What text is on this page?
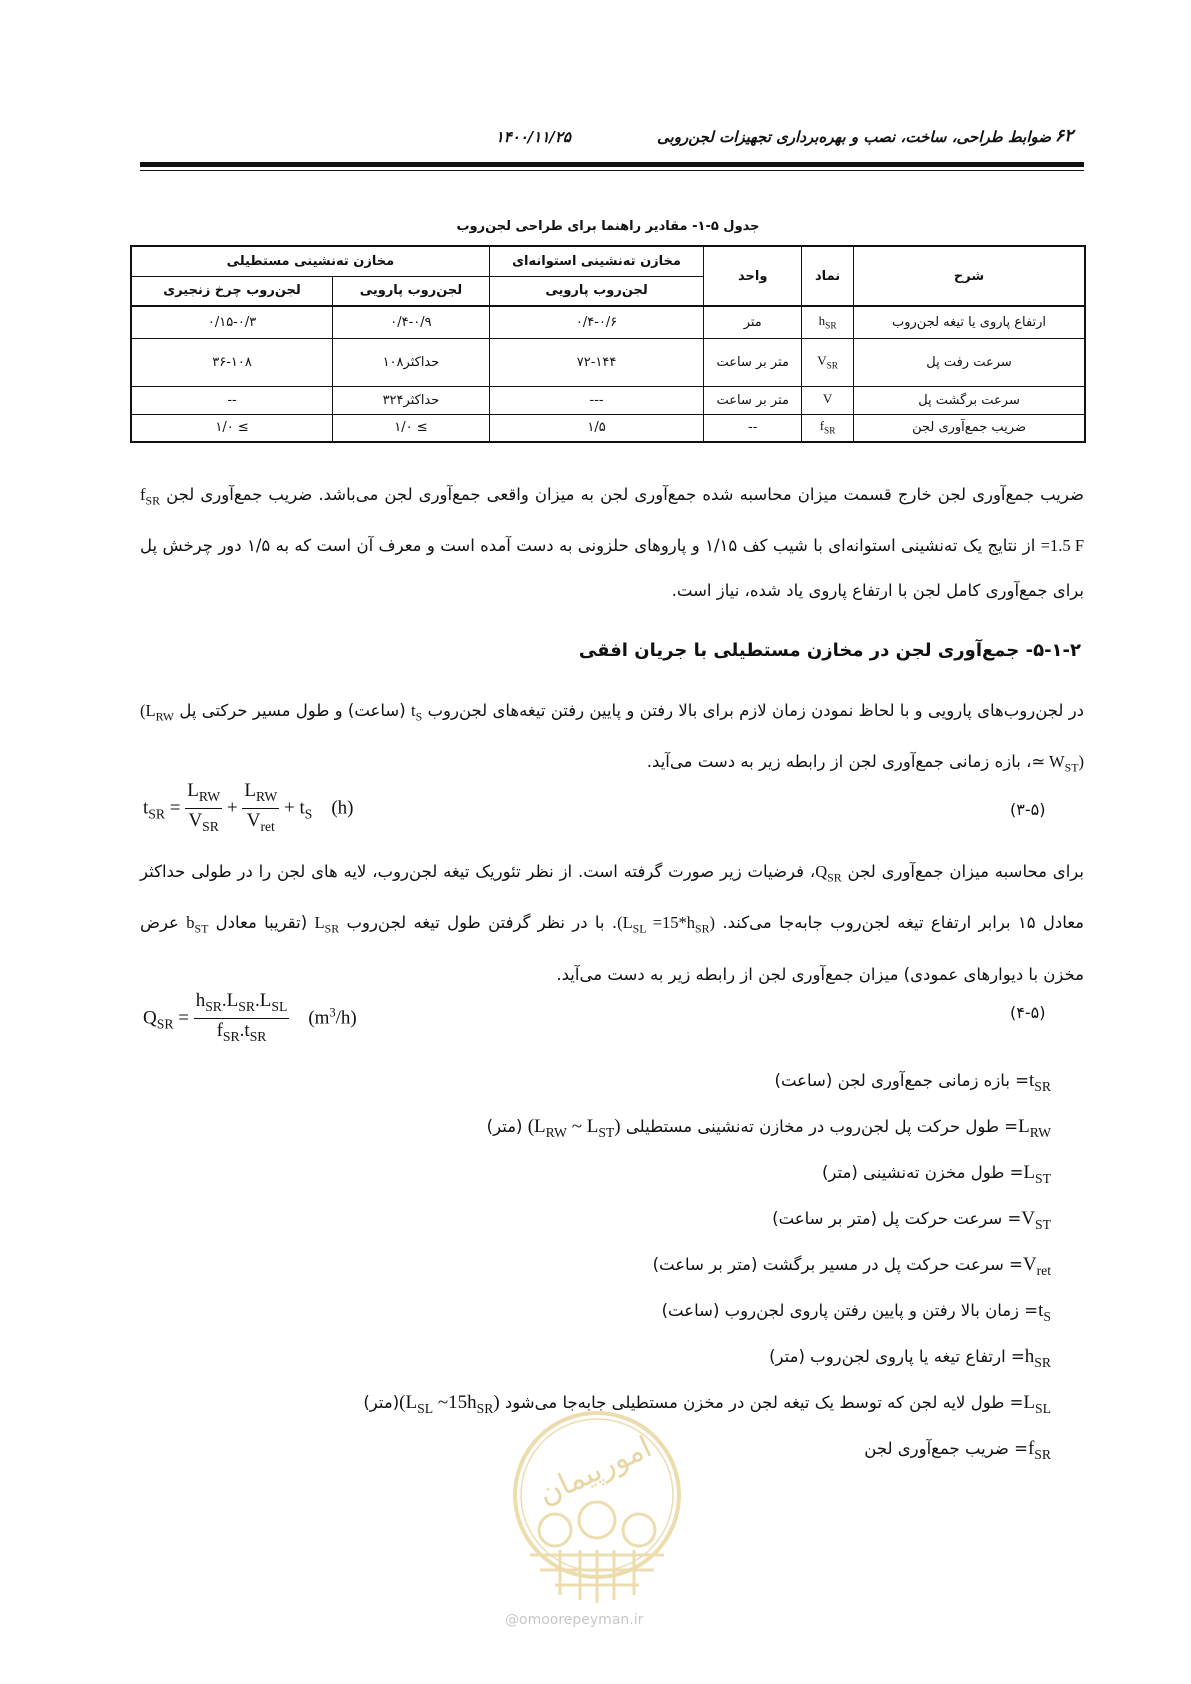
ضوابط طراحی، ساخت، نصب و بهره‌برداری تجهیزات لجن‌روبی
۱۴۰۰/۱۱/۲۵	۶۲
جدول ۵-۱- مقادیر راهنما برای طراحی لجن‌روب
شرح	نماد	واحد	مخازن ته‌نشینی استوانه‌ای	مخازن ته‌نشینی مستطیلی	
			لجن‌روب پارویی	لجن‌روب پارویی	لجن‌روب چرخ زنجیری
ارتفاع پاروی یا تیغه لجن‌روب	$h_{SR}$	متر	۰/۴-۰/۶	۰/۴-۰/۹	۰/۱۵-۰/۳
سرعت رفت پل	$V_{SR}$	متر بر ساعت	۷۲-۱۴۴	حداکثر۱۰۸	۳۶-۱۰۸
سرعت برگشت پل	V	متر بر ساعت	---	حداکثر۳۲۴	--
ضریب جمع‌آوری لجن	$f_{SR}$	--	۱/۵	≥ ۱/۰	≥ ۱/۰
ضریب جمع‌آوری لجن خارج قسمت میزان محاسبه شده جمع‌آوری لجن به میزان واقعی جمع‌آوری لجن می‌باشد. ضریب جمع‌آوری لجن $f_{SR} =1.5$ F از نتایج یک ته‌نشینی استوانه‌ای با شیب کف ۱/۱۵ و پاروهای حلزونی به دست آمده است و معرف آن است که به ۱/۵ دور چرخش پل برای جمع‌آوری کامل لجن با ارتفاع پاروی یاد شده، نیاز است.
۵-۱-۲- جمع‌آوری لجن در مخازن مستطیلی با جریان افقی
در لجن‌روب‌های پارویی و با لحاظ نمودن زمان لازم برای بالا رفتن و پایین رفتن تیغه‌های لجن‌روب $t_S$ (ساعت) و طول مسیر حرکتی پل ($L_{RW}$ ≃ $W_{ST})،$ بازه زمانی جمع‌آوری لجن از رابطه زیر به دست می‌آید.
$t_{SR} = \frac{L_{RW}}{V_{SR}} + \frac{L_{RW}}{V_{ret}} + t_S$ (h)	(۳-۵)
برای محاسبه میزان جمع‌آوری لجن $Q_{SR}،$ فرضیات زیر صورت گرفته است. از نظر تئوریک تیغه لجن‌روب، لایه های لجن را در طولی حداکثر معادل ۱۵ برابر ارتفاع تیغه لجن‌روب جابه‌جا می‌کند. $(L_{SL} =15*h_{SR})$. با در نظر گرفتن طول تیغه لجن‌روب $L_{SR}$ (تقریبا معادل $b_{ST}$ عرض مخزن با دیوارهای عمودی) میزان جمع‌آوری لجن از رابطه زیر به دست می‌آید.
$Q_{SR} = \frac{h_{SR}.L_{SR}.L_{SL}}{f_{SR}.t_{SR}} (m^3/h)$	(۴-۵)
$t_{SR}=$ بازه زمانی جمع‌آوری لجن (ساعت)
$L_{RW}=$ طول حرکت پل لجن‌روب در مخازن ته‌نشینی مستطیلی ($L_{RW}$ ~ $L_{ST}$) (متر)
$L_{ST}=$ طول مخزن ته‌نشینی (متر)
$V_{ST}=$ سرعت حرکت پل (متر بر ساعت)
$V_{ret}=$ سرعت حرکت پل در مسیر برگشت (متر بر ساعت)
$t_S=$ زمان بالا رفتن و پایین رفتن پاروی لجن‌روب (ساعت)
$h_{SR}=$ ارتفاع تیغه یا پاروی لجن‌روب (متر)
$L_{SL}=$ طول لایه لجن که توسط یک تیغه لجن در مخزن مستطیلی جابه‌جا می‌شود ($L_{SL}$ $\sim 15h_{SR})(متر)$
$f_{SR}=$ ضریب جمع‌آوری لجن
امورپیمان
@omoorepeyman.ir
